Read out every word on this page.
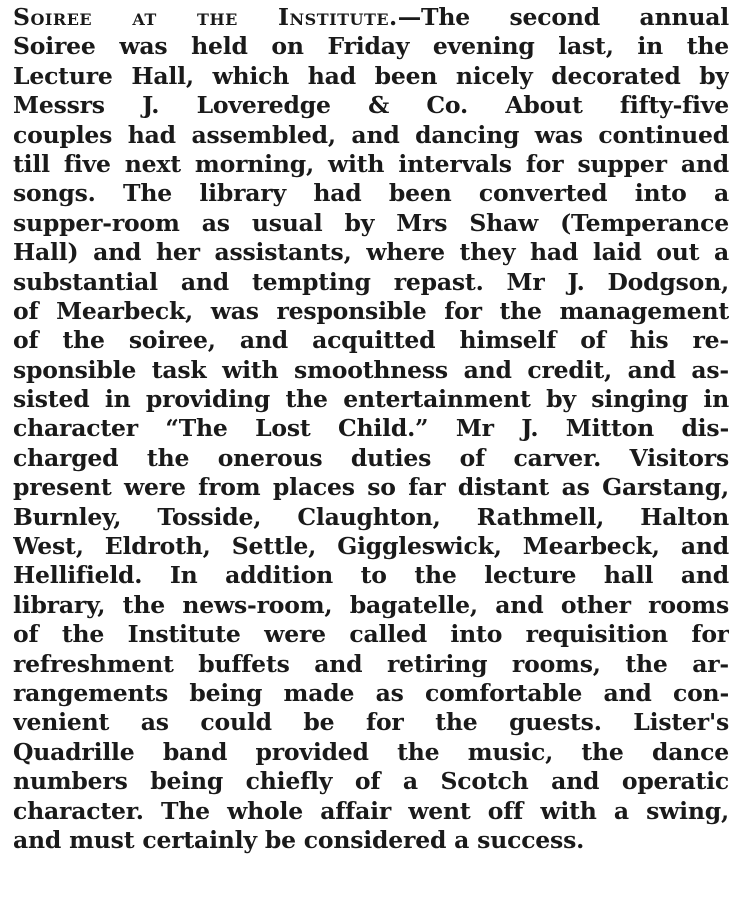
Soiree at the Institute.—The second annual
Soiree was held on Friday evening last, in the
Lecture Hall, which had been nicely decorated by
Messrs J. Loveredge & Co. About fifty-five
couples had assembled, and dancing was continued
till five next morning, with intervals for supper and
songs. The library had been converted into a
supper-room as usual by Mrs Shaw (Temperance
Hall) and her assistants, where they had laid out a
substantial and tempting repast. Mr J. Dodgson,
of Mearbeck, was responsible for the management
of the soiree, and acquitted himself of his re-
sponsible task with smoothness and credit, and as-
sisted in providing the entertainment by singing in
character “The Lost Child.” Mr J. Mitton dis-
charged the onerous duties of carver. Visitors
present were from places so far distant as Garstang,
Burnley, Tosside, Claughton, Rathmell, Halton
West, Eldroth, Settle, Giggleswick, Mearbeck, and
Hellifield. In addition to the lecture hall and
library, the news-room, bagatelle, and other rooms
of the Institute were called into requisition for
refreshment buffets and retiring rooms, the ar-
rangements being made as comfortable and con-
venient as could be for the guests. Lister's
Quadrille band provided the music, the dance
numbers being chiefly of a Scotch and operatic
character. The whole affair went off with a swing,
and must certainly be considered a success.
